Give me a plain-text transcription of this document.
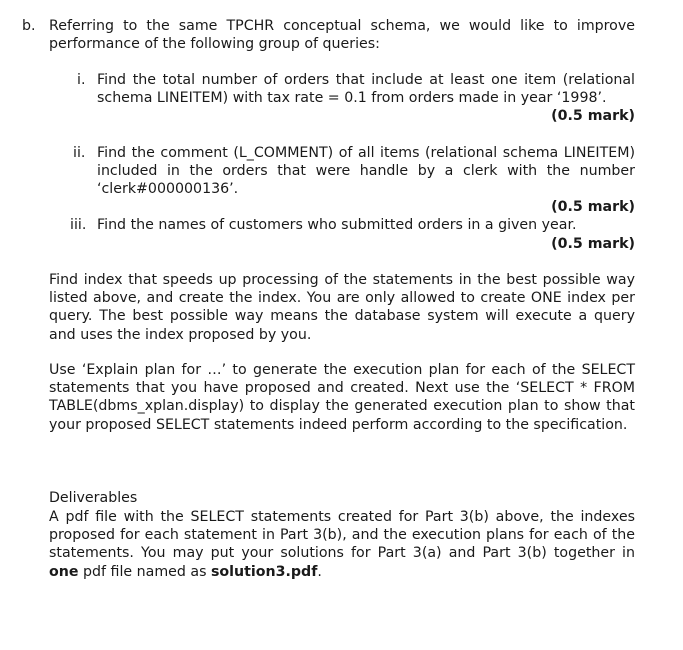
b. Referring to the same TPCHR conceptual schema, we would like to improve performance of the following group of queries:
i. Find the total number of orders that include at least one item (relational schema LINEITEM) with tax rate = 0.1 from orders made in year ‘1998’.
(0.5 mark)
ii. Find the comment (L_COMMENT) of all items (relational schema LINEITEM) included in the orders that were handle by a clerk with the number ‘clerk#000000136’.
(0.5 mark)
iii. Find the names of customers who submitted orders in a given year.
(0.5 mark)
Find index that speeds up processing of the statements in the best possible way listed above, and create the index. You are only allowed to create ONE index per query. The best possible way means the database system will execute a query and uses the index proposed by you.
Use ‘Explain plan for …’ to generate the execution plan for each of the SELECT statements that you have proposed and created. Next use the ‘SELECT * FROM TABLE(dbms_xplan.display) to display the generated execution plan to show that your proposed SELECT statements indeed perform according to the specification.
Deliverables
A pdf file with the SELECT statements created for Part 3(b) above, the indexes proposed for each statement in Part 3(b), and the execution plans for each of the statements. You may put your solutions for Part 3(a) and Part 3(b) together in one pdf file named as solution3.pdf.
